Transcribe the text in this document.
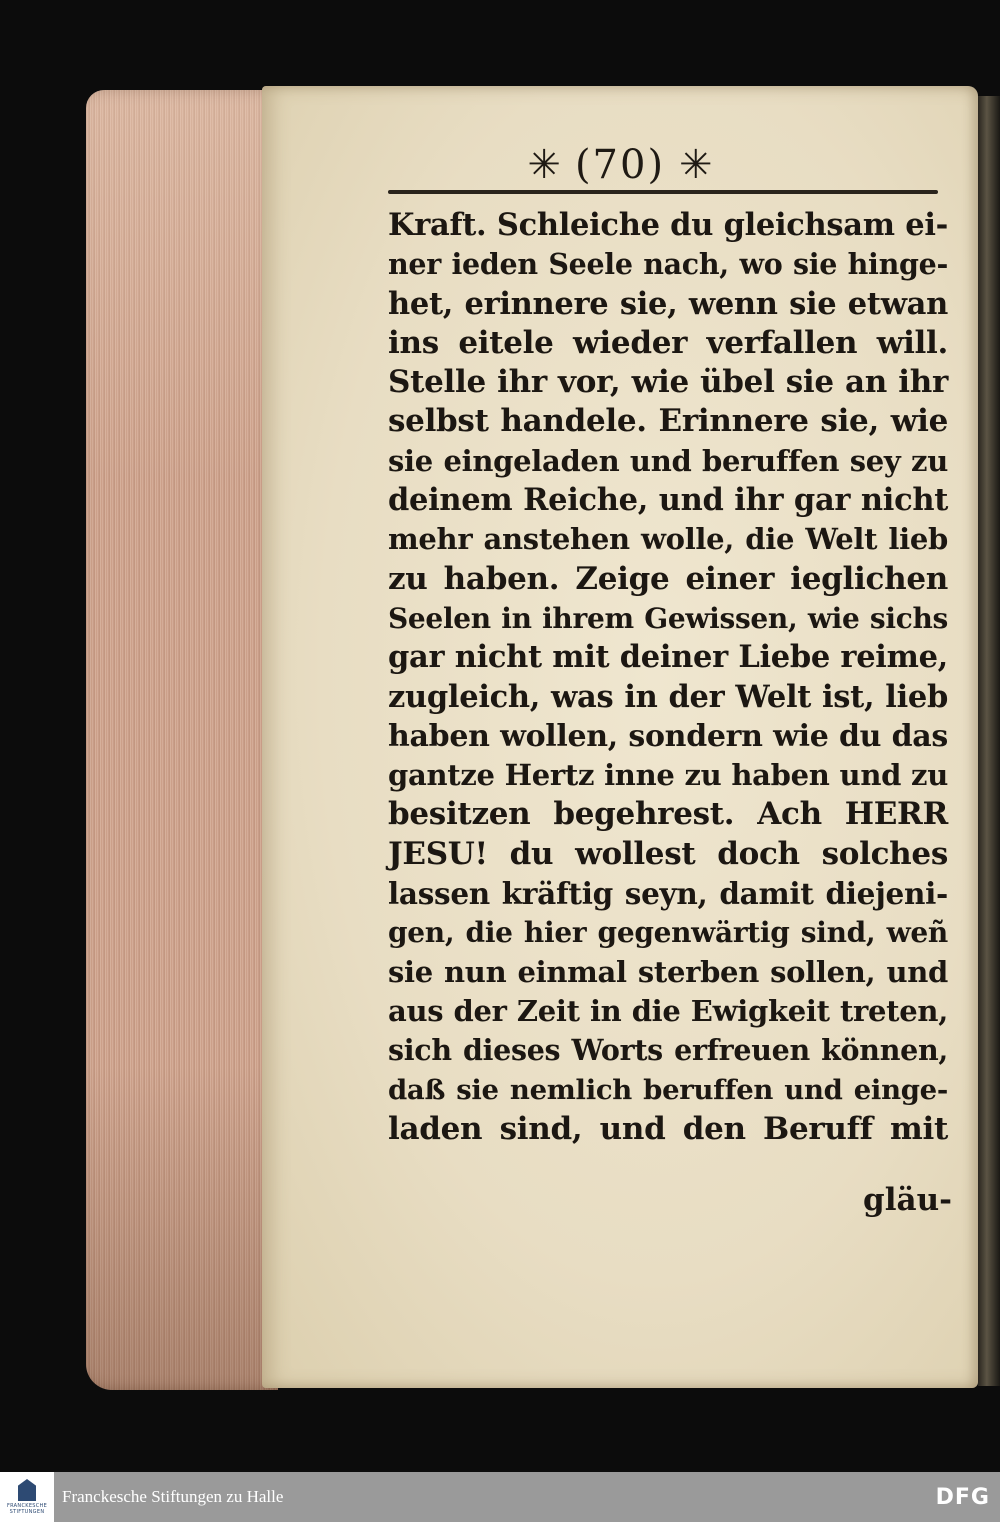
✳ (70) ✳
Kraft. Schleiche du gleichsam ei-
ner ieden Seele nach, wo sie hinge-
het, erinnere sie, wenn sie etwan
ins eitele wieder verfallen will.
Stelle ihr vor, wie übel sie an ihr
selbst handele. Erinnere sie, wie
sie eingeladen und beruffen sey zu
deinem Reiche, und ihr gar nicht
mehr anstehen wolle, die Welt lieb
zu haben. Zeige einer ieglichen
Seelen in ihrem Gewissen, wie sichs
gar nicht mit deiner Liebe reime,
zugleich, was in der Welt ist, lieb
haben wollen, sondern wie du das
gantze Hertz inne zu haben und zu
besitzen begehrest. Ach HERR
JESU! du wollest doch solches
lassen kräftig seyn, damit diejeni-
gen, die hier gegenwärtig sind, weñ
sie nun einmal sterben sollen, und
aus der Zeit in die Ewigkeit treten,
sich dieses Worts erfreuen können,
daß sie nemlich beruffen und einge-
laden sind, und den Beruff mit
gläu-
FRANCKESCHE STIFTUNGEN
Franckesche Stiftungen zu Halle	DFG
